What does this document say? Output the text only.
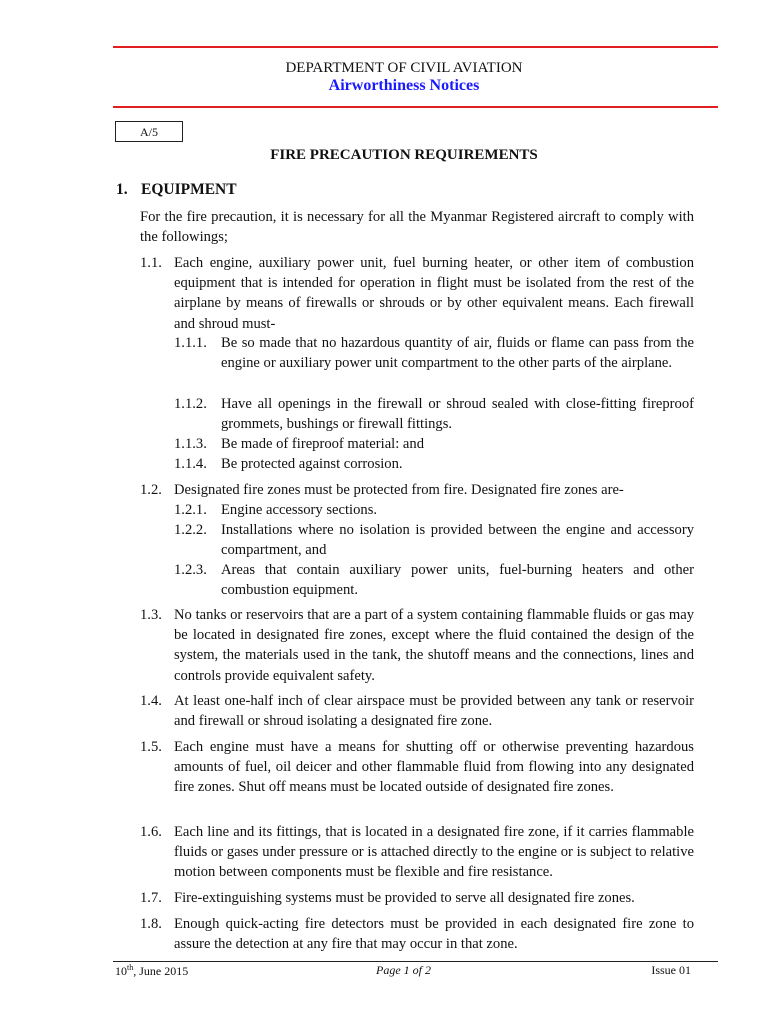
DEPARTMENT OF CIVIL AVIATION
Airworthiness Notices
A/5
FIRE PRECAUTION REQUIREMENTS
1. EQUIPMENT
For the fire precaution, it is necessary for all the Myanmar Registered aircraft to comply with the followings;
1.1. Each engine, auxiliary power unit, fuel burning heater, or other item of combustion equipment that is intended for operation in flight must be isolated from the rest of the airplane by means of firewalls or shrouds or by other equivalent means. Each firewall and shroud must-
1.1.1. Be so made that no hazardous quantity of air, fluids or flame can pass from the engine or auxiliary power unit compartment to the other parts of the airplane.
1.1.2. Have all openings in the firewall or shroud sealed with close-fitting fireproof grommets, bushings or firewall fittings.
1.1.3. Be made of fireproof material: and
1.1.4. Be protected against corrosion.
1.2. Designated fire zones must be protected from fire. Designated fire zones are-
1.2.1. Engine accessory sections.
1.2.2. Installations where no isolation is provided between the engine and accessory compartment, and
1.2.3. Areas that contain auxiliary power units, fuel-burning heaters and other combustion equipment.
1.3. No tanks or reservoirs that are a part of a system containing flammable fluids or gas may be located in designated fire zones, except where the fluid contained the design of the system, the materials used in the tank, the shutoff means and the connections, lines and controls provide equivalent safety.
1.4. At least one-half inch of clear airspace must be provided between any tank or reservoir and firewall or shroud isolating a designated fire zone.
1.5. Each engine must have a means for shutting off or otherwise preventing hazardous amounts of fuel, oil deicer and other flammable fluid from flowing into any designated fire zones. Shut off means must be located outside of designated fire zones.
1.6. Each line and its fittings, that is located in a designated fire zone, if it carries flammable fluids or gases under pressure or is attached directly to the engine or is subject to relative motion between components must be flexible and fire resistance.
1.7. Fire-extinguishing systems must be provided to serve all designated fire zones.
1.8. Enough quick-acting fire detectors must be provided in each designated fire zone to assure the detection at any fire that may occur in that zone.
10th, June 2015	Page 1 of 2	Issue 01
